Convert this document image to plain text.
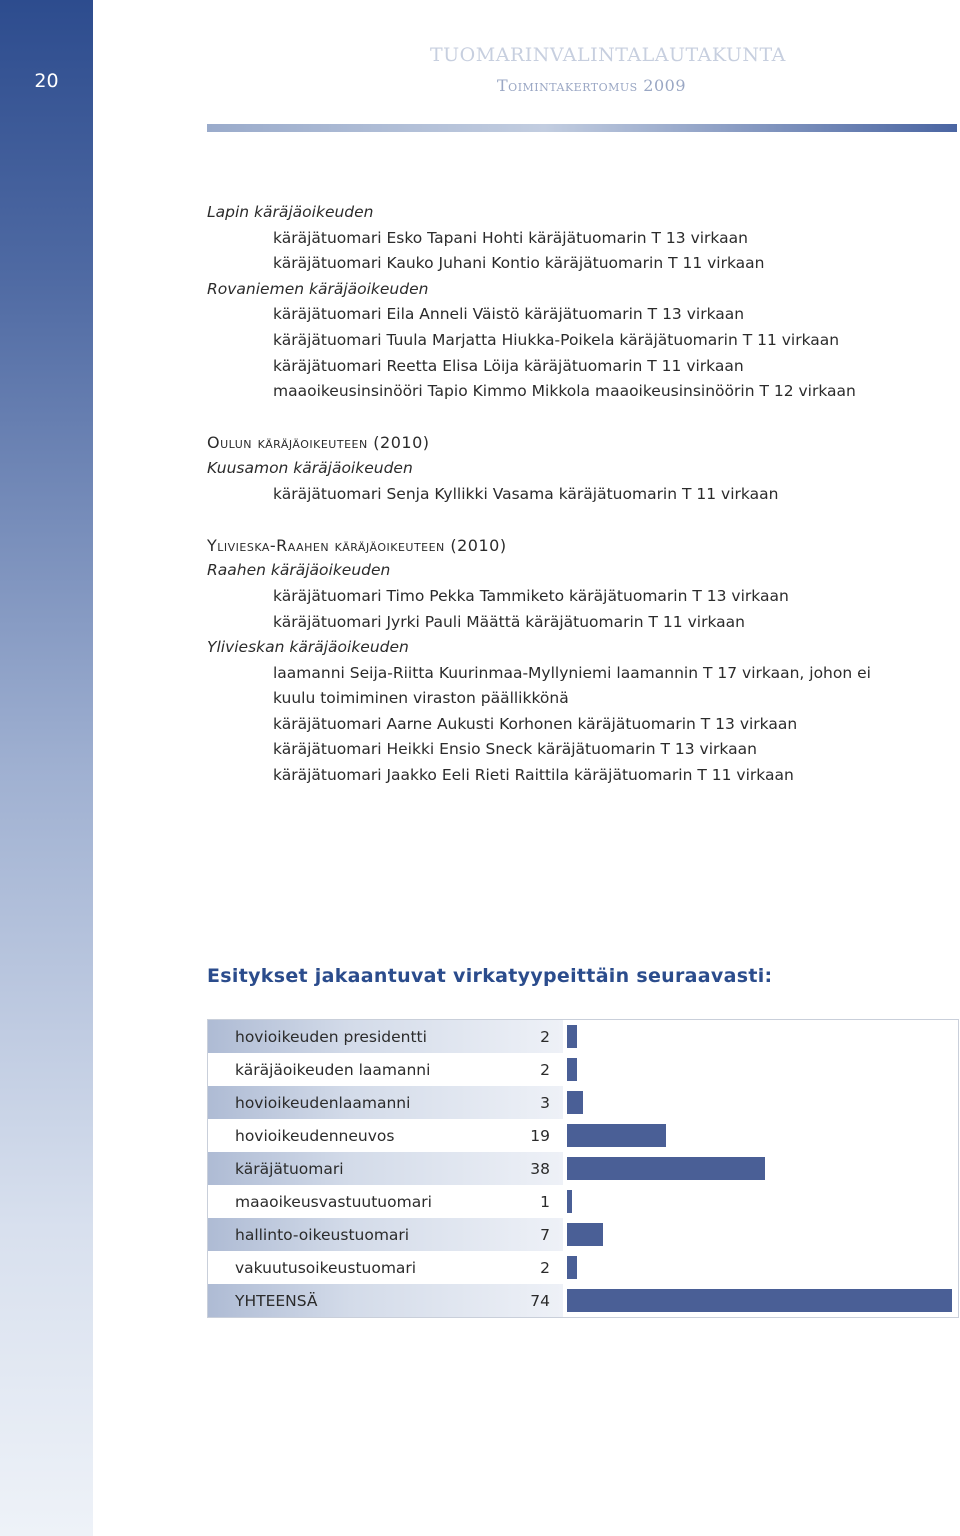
20
TUOMARINVALINTALAUTAKUNTA
Toimintakertomus 2009
Lapin käräjäoikeuden
käräjätuomari Esko Tapani Hohti käräjätuomarin T 13 virkaan
käräjätuomari Kauko Juhani Kontio käräjätuomarin T 11 virkaan
Rovaniemen käräjäoikeuden
käräjätuomari Eila Anneli Väistö käräjätuomarin T 13 virkaan
käräjätuomari Tuula Marjatta Hiukka-Poikela käräjätuomarin T 11 virkaan
käräjätuomari Reetta Elisa Löija käräjätuomarin T 11 virkaan
maaoikeusinsinööri Tapio Kimmo Mikkola maaoikeusinsinöörin T 12 virkaan
Oulun käräjäoikeuteen (2010)
Kuusamon käräjäoikeuden
käräjätuomari Senja Kyllikki Vasama käräjätuomarin T 11 virkaan
Ylivieska-Raahen käräjäoikeuteen (2010)
Raahen käräjäoikeuden
käräjätuomari Timo Pekka Tammiketo käräjätuomarin T 13 virkaan
käräjätuomari Jyrki Pauli Määttä käräjätuomarin T 11 virkaan
Ylivieskan käräjäoikeuden
laamanni Seija-Riitta Kuurinmaa-Myllyniemi laamannin T 17 virkaan, johon ei
kuulu toimiminen viraston päällikkönä
käräjätuomari Aarne Aukusti Korhonen käräjätuomarin T 13 virkaan
käräjätuomari Heikki Ensio Sneck käräjätuomarin T 13 virkaan
käräjätuomari Jaakko Eeli Rieti Raittila käräjätuomarin T 11 virkaan
Esitykset jakaantuvat virkatyypeittäin seuraavasti:
hovioikeuden presidentti	2
käräjäoikeuden laamanni	2
hovioikeudenlaamanni	3
hovioikeudenneuvos	19
käräjätuomari	38
maaoikeusvastuutuomari	1
hallinto-oikeustuomari	7
vakuutusoikeustuomari	2
YHTEENSÄ	74
